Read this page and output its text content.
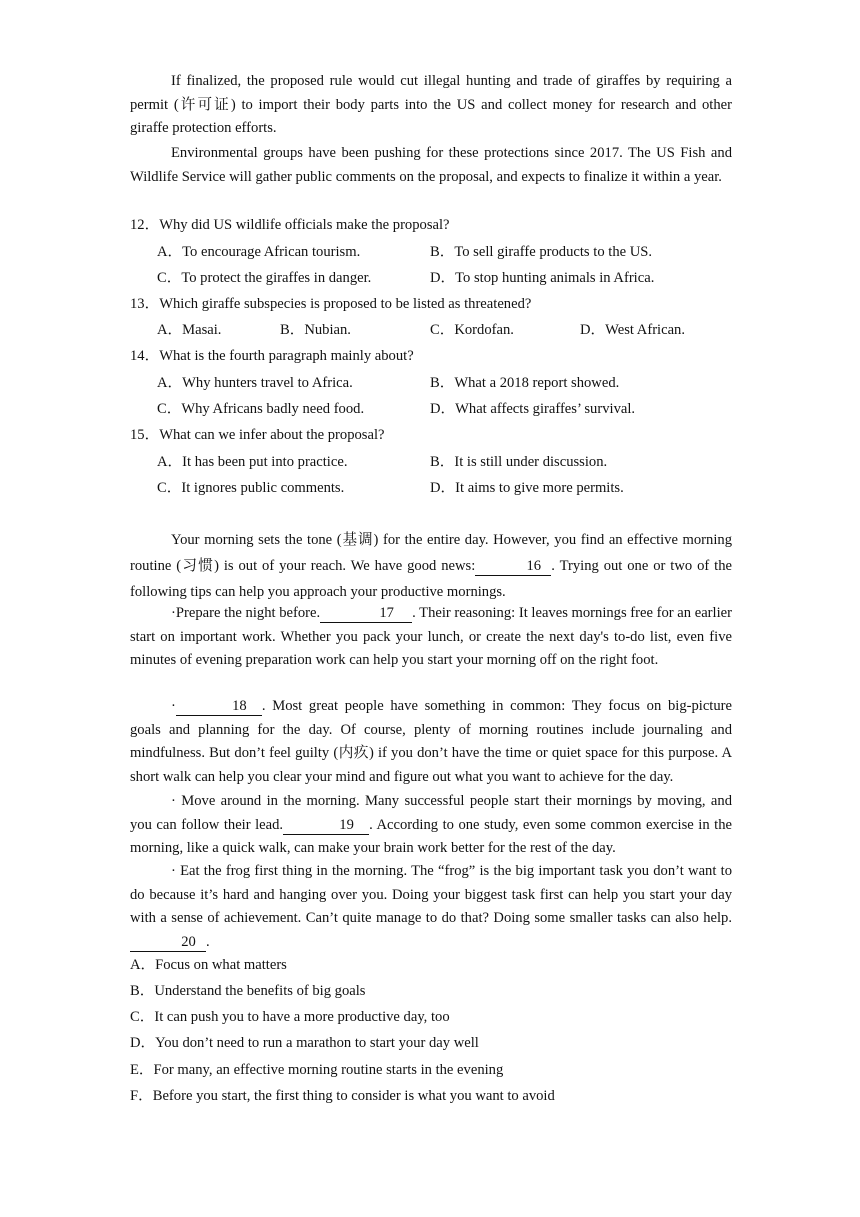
If finalized, the proposed rule would cut illegal hunting and trade of giraffes by requiring a permit (许可证) to import their body parts into the US and collect money for research and other giraffe protection efforts.

Environmental groups have been pushing for these protections since 2017. The US Fish and Wildlife Service will gather public comments on the proposal, and expects to finalize it within a year.

12．Why did US wildlife officials make the proposal?
A．To encourage African tourism.	B．To sell giraffe products to the US.
C．To protect the giraffes in danger.	D．To stop hunting animals in Africa.
13．Which giraffe subspecies is proposed to be listed as threatened?
A．Masai.	B．Nubian.	C．Kordofan.	D．West African.
14．What is the fourth paragraph mainly about?
A．Why hunters travel to Africa.	B．What a 2018 report showed.
C．Why Africans badly need food.	D．What affects giraffes’ survival.
15．What can we infer about the proposal?
A．It has been put into practice.	B．It is still under discussion.
C．It ignores public comments.	D．It aims to give more permits.

Your morning sets the tone (基调) for the entire day. However, you find an effective morning routine (习惯) is out of your reach. We have good news:	16 . Trying out one or two of the following tips can help you approach your productive mornings.

·Prepare the night before.	17 . Their reasoning: It leaves mornings free for an earlier start on important work. Whether you pack your lunch, or create the next day's to-do list, even five minutes of evening preparation work can help you start your morning off on the right foot.

·	18 . Most great people have something in common: They focus on big-picture goals and planning for the day. Of course, plenty of morning routines include journaling and mindfulness. But don’t feel guilty (内疚) if you don’t have the time or quiet space for this purpose. A short walk can help you clear your mind and figure out what you want to achieve for the day.

· Move around in the morning. Many successful people start their mornings by moving, and you can follow their lead.	19 . According to one study, even some common exercise in the morning, like a quick walk, can make your brain work better for the rest of the day.

· Eat the frog first thing in the morning. The “frog” is the big important task you don’t want to do because it’s hard and hanging over you. Doing your biggest task first can help you start your day with a sense of achievement. Can’t quite manage to do that? Doing some smaller tasks can also help.20 .

A．Focus on what matters
B．Understand the benefits of big goals
C．It can push you to have a more productive day, too
D．You don’t need to run a marathon to start your day well
E．For many, an effective morning routine starts in the evening
F．Before you start, the first thing to consider is what you want to avoid
